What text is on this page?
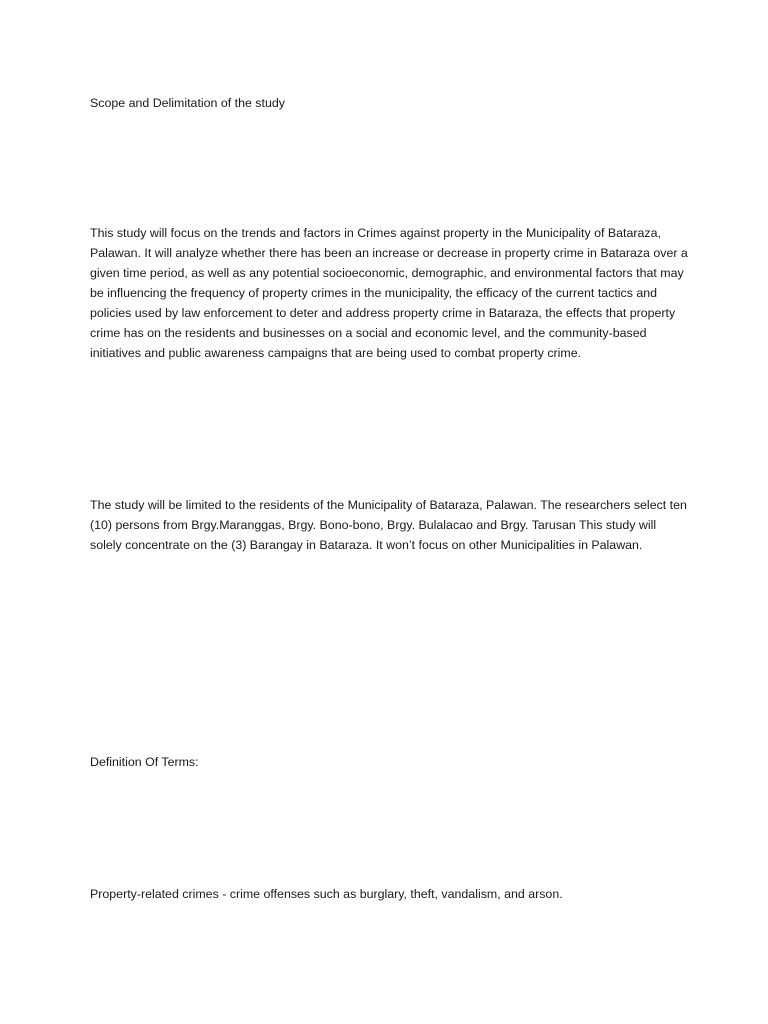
Scope and Delimitation of the study

This study will focus on the trends and factors in Crimes against property in the Municipality of Bataraza, Palawan. It will analyze whether there has been an increase or decrease in property crime in Bataraza over a given time period, as well as any potential socioeconomic, demographic, and environmental factors that may be influencing the frequency of property crimes in the municipality, the efficacy of the current tactics and policies used by law enforcement to deter and address property crime in Bataraza, the effects that property crime has on the residents and businesses on a social and economic level, and the community-based initiatives and public awareness campaigns that are being used to combat property crime.

The study will be limited to the residents of the Municipality of Bataraza, Palawan. The researchers select ten (10) persons from Brgy.Maranggas, Brgy. Bono-bono, Brgy. Bulalacao and Brgy. Tarusan This study will solely concentrate on the (3) Barangay in Bataraza. It won’t focus on other Municipalities in Palawan.

Definition Of Terms:

Property-related crimes - crime offenses such as burglary, theft, vandalism, and arson.
